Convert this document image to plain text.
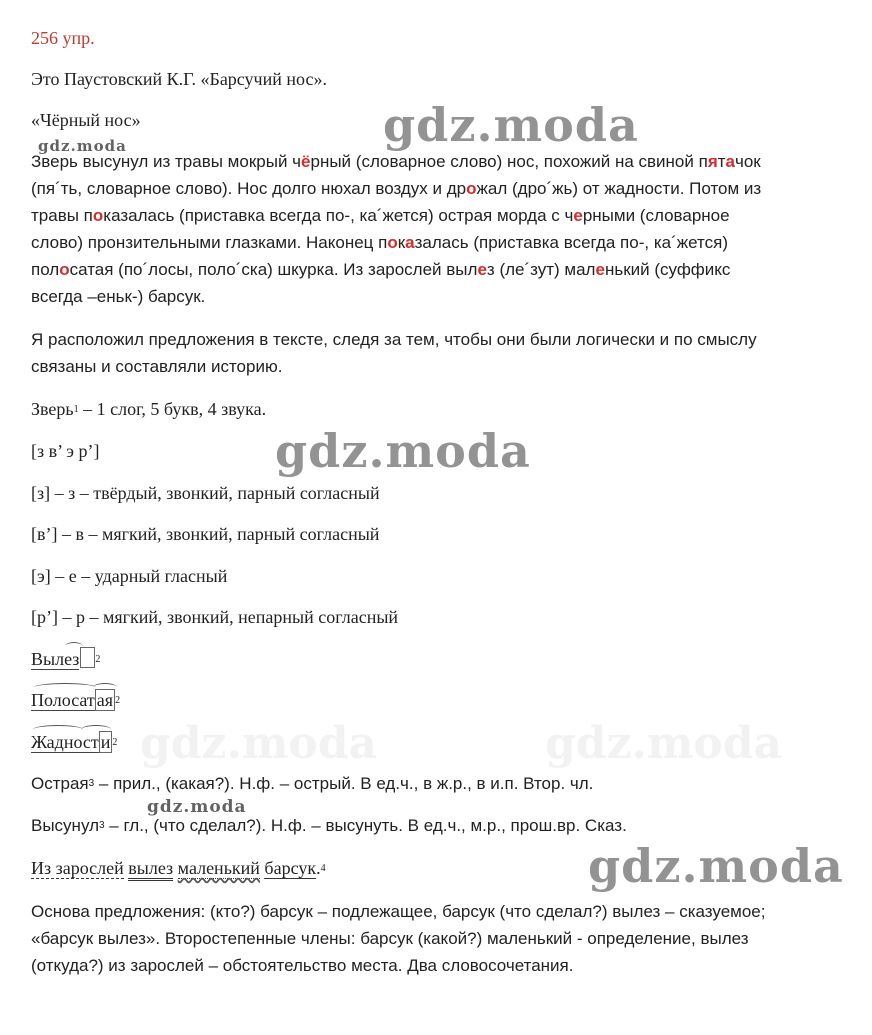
256 упр.

Это Паустовский К.Г. «Барсучий нос».

«Чёрный нос»

Зверь высунул из травы мокрый чёрный (словарное слово) нос, похожий на свиной пятачок

(пя´ть, словарное слово). Нос долго нюхал воздух и дрожал (дро´жь) от жадности. Потом из

травы показалась (приставка всегда по-, ка´жется) острая морда с черными (словарное

слово) пронзительными глазками. Наконец показалась (приставка всегда по-, ка´жется)

полосатая (по´лосы, поло´ска) шкурка. Из зарослей вылез (ле´зут) маленький (суффикс

всегда –еньк-) барсук.

Я расположил предложения в тексте, следя за тем, чтобы они были логически и по смыслу

связаны и составляли историю.

Зверь$^1$ – 1 слог, 5 букв, 4 звука.

[з в’ э р’]

[з] – з – твёрдый, звонкий, парный согласный

[в’] – в – мягкий, звонкий, парный согласный

[э] – е – ударный гласный

[р’] – р – мягкий, звонкий, непарный согласный

Вылез $^2$

Полосат ая $^2$

Жадност и $^2$

Острая$^3$ – прил., (какая?). Н.ф. – острый. В ед.ч., в ж.р., в и.п. Втор. чл.

Высунул$^3$ – гл., (что сделал?). Н.ф. – высунуть. В ед.ч., м.р., прош.вр. Сказ.

Из зарослей вылез маленький барсук.$^4$

Основа предложения: (кто?) барсук – подлежащее, барсук (что сделал?) вылез – сказуемое;

«барсук вылез». Второстепенные члены: барсук (какой?) маленький - определение, вылез

(откуда?) из зарослей – обстоятельство места. Два словосочетания.

gdz.moda	gdz.moda
gdz.moda
gdz.moda
gdz.moda
gdz.moda
gdz.moda
